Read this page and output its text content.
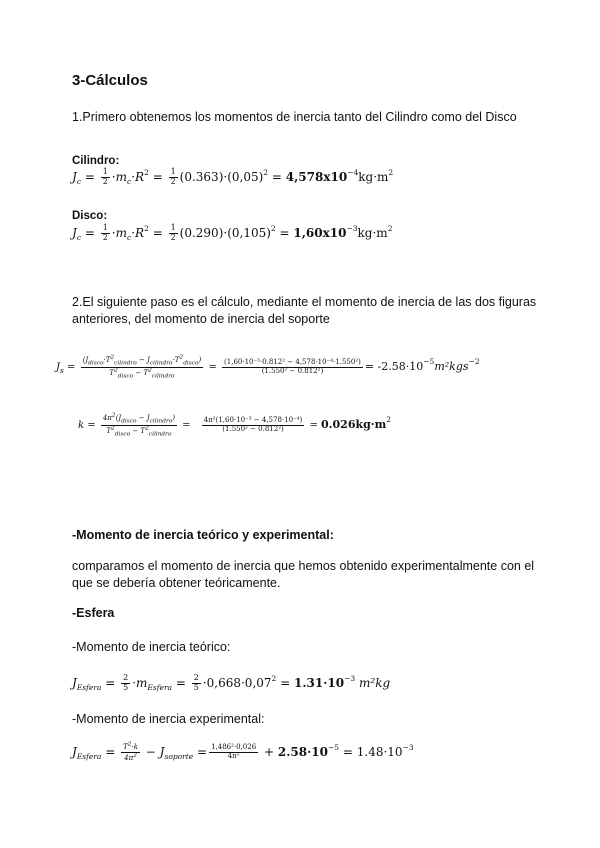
3-Cálculos
1.Primero obtenemos los momentos de inercia tanto del Cilindro como del Disco
Cilindro:
$J_c = \frac{1}{2} \cdot m_c\cdot R^2 = \frac{1}{2} (0.363)\cdot(0,05)^2 = 4,578x10^{-4}kg\cdot m^2$
Disco:
$J_c = \frac{1}{2} \cdot m_c\cdot R^2 = \frac{1}{2} (0.290)\cdot(0,105)^2 = 1,60x10^{-3}kg\cdot m^2$
2.El siguiente paso es el cálculo, mediante el momento de inercia de las dos figuras
anteriores, del momento de inercia del soporte
$J_s = \frac{(J_{disco}\cdot T^2_{cilindro} - J_{cilindro}\cdot T^2_{disco})}{T^2_{disco} - T^2_{cilindro}} = \frac{\text{(1,60·10⁻³·0.812² − 4,578·10⁻⁴·1.550²)}}{\text{(1.550² − 0.812²)}} = -2.58\cdot 10^{-5}m^2kgs^{-2}$
$k = \frac{4\pi^2(J_{disco} - J_{cilindro})}{T^2_{disco} - T^2_{cilindro}} = \frac{\text{4π²(1,60·10⁻³ − 4,578·10⁻⁴)}}{\text{(1.550² − 0.812²)}} = 0.026kg\cdot m^2$
-Momento de inercia teórico y experimental:
comparamos el momento de inercia que hemos obtenido experimentalmente con el
que se debería obtener teóricamente.
-Esfera
-Momento de inercia teórico:
$J_{Esfera} = \frac{2}{5} \cdot m_{Esfera} = \frac{2}{5} \cdot 0,668\cdot 0,07^2 = 1.31\cdot 10^{-3}$ m²kg
-Momento de inercia experimental:
$J_{Esfera} = \frac{T^2\cdot k}{4\pi^2} - J_{soporte} = \frac{\text{1,486²·0,026}}{\text{4π²}} + 2.58\cdot 10^{-5} = 1.48\cdot 10^{-3}$
